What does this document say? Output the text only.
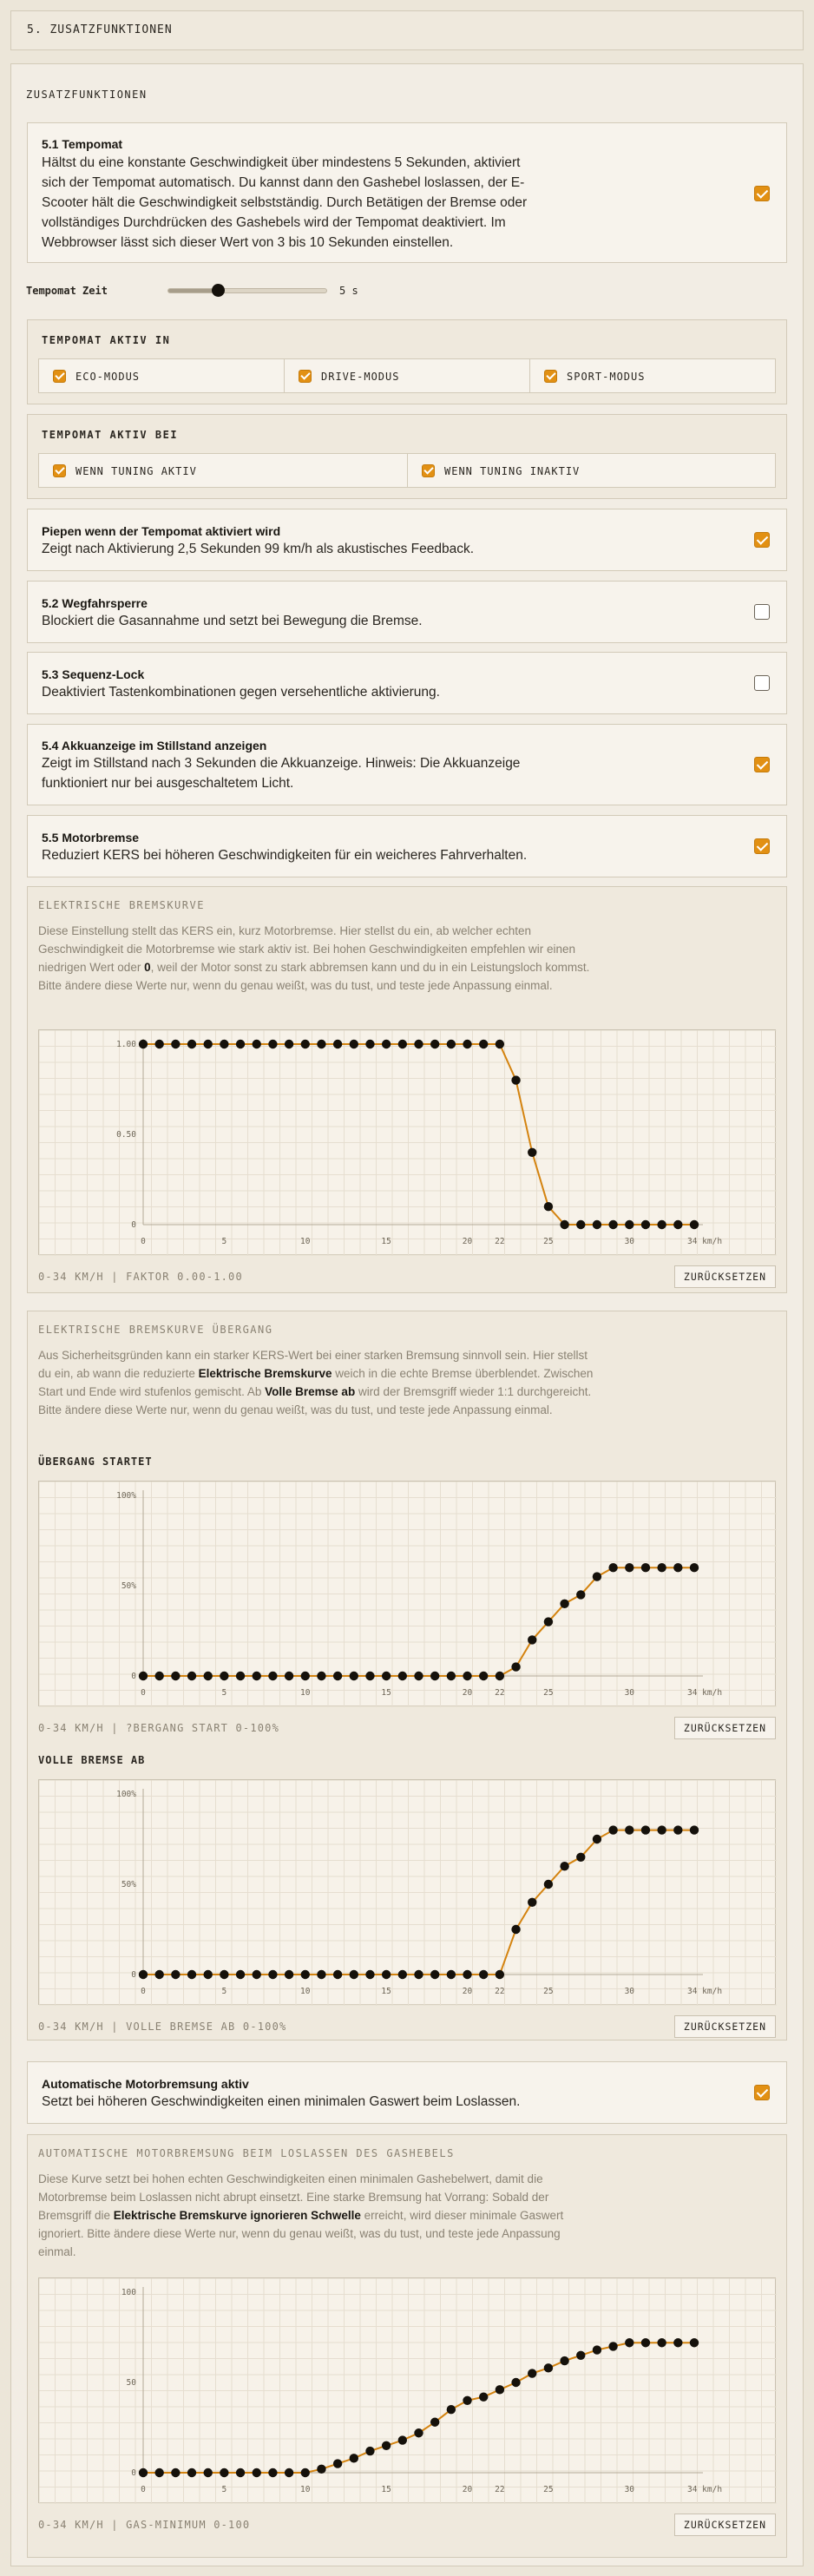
5. ZUSATZFUNKTIONEN
ZUSATZFUNKTIONEN
5.1 Tempomat
Hältst du eine konstante Geschwindigkeit über mindestens 5 Sekunden, aktiviert
sich der Tempomat automatisch. Du kannst dann den Gashebel loslassen, der E-
Scooter hält die Geschwindigkeit selbstständig. Durch Betätigen der Bremse oder
vollständiges Durchdrücken des Gashebels wird der Tempomat deaktiviert. Im
Webbrowser lässt sich dieser Wert von 3 bis 10 Sekunden einstellen.
Tempomat Zeit	5 s
TEMPOMAT AKTIV IN
ECO-MODUS	DRIVE-MODUS	SPORT-MODUS
TEMPOMAT AKTIV BEI
WENN TUNING AKTIV	WENN TUNING INAKTIV
Piepen wenn der Tempomat aktiviert wird
Zeigt nach Aktivierung 2,5 Sekunden 99 km/h als akustisches Feedback.
5.2 Wegfahrsperre
Blockiert die Gasannahme und setzt bei Bewegung die Bremse.
5.3 Sequenz-Lock
Deaktiviert Tastenkombinationen gegen versehentliche aktivierung.
5.4 Akkuanzeige im Stillstand anzeigen
Zeigt im Stillstand nach 3 Sekunden die Akkuanzeige. Hinweis: Die Akkuanzeige
funktioniert nur bei ausgeschaltetem Licht.
5.5 Motorbremse
Reduziert KERS bei höheren Geschwindigkeiten für ein weicheres Fahrverhalten.
ELEKTRISCHE BREMSKURVE
Diese Einstellung stellt das KERS ein, kurz Motorbremse. Hier stellst du ein, ab welcher echten Geschwindigkeit die Motorbremse wie stark aktiv ist. Bei hohen Geschwindigkeiten empfehlen wir einen niedrigen Wert oder 0, weil der Motor sonst zu stark abbremsen kann und du in ein Leistungsloch kommst. Bitte ändere diese Werte nur, wenn du genau weißt, was du tust, und teste jede Anpassung einmal.
0
0.50
1.00
0	5	10	15	20	22	25	30	34 km/h
0-34 KM/H | FAKTOR 0.00-1.00	ZURÜCKSETZEN
ELEKTRISCHE BREMSKURVE ÜBERGANG
Aus Sicherheitsgründen kann ein starker KERS-Wert bei einer starken Bremsung sinnvoll sein. Hier stellst du ein, ab wann die reduzierte Elektrische Bremskurve weich in die echte Bremse überblendet. Zwischen Start und Ende wird stufenlos gemischt. Ab Volle Bremse ab wird der Bremsgriff wieder 1:1 durchgereicht. Bitte ändere diese Werte nur, wenn du genau weißt, was du tust, und teste jede Anpassung einmal.
ÜBERGANG STARTET
0
50%
100%
0	5	10	15	20	22	25	30	34 km/h
0-34 KM/H | ?BERGANG START 0-100%	ZURÜCKSETZEN
VOLLE BREMSE AB
0
50%
100%
0	5	10	15	20	22	25	30	34 km/h
0-34 KM/H | VOLLE BREMSE AB 0-100%	ZURÜCKSETZEN
Automatische Motorbremsung aktiv
Setzt bei höheren Geschwindigkeiten einen minimalen Gaswert beim Loslassen.
AUTOMATISCHE MOTORBREMSUNG BEIM LOSLASSEN DES GASHEBELS
Diese Kurve setzt bei hohen echten Geschwindigkeiten einen minimalen Gashebelwert, damit die Motorbremse beim Loslassen nicht abrupt einsetzt. Eine starke Bremsung hat Vorrang: Sobald der Bremsgriff die Elektrische Bremskurve ignorieren Schwelle erreicht, wird dieser minimale Gaswert ignoriert. Bitte ändere diese Werte nur, wenn du genau weißt, was du tust, und teste jede Anpassung einmal.
0
50
100
0	5	10	15	20	22	25	30	34 km/h
0-34 KM/H | GAS-MINIMUM 0-100	ZURÜCKSETZEN
